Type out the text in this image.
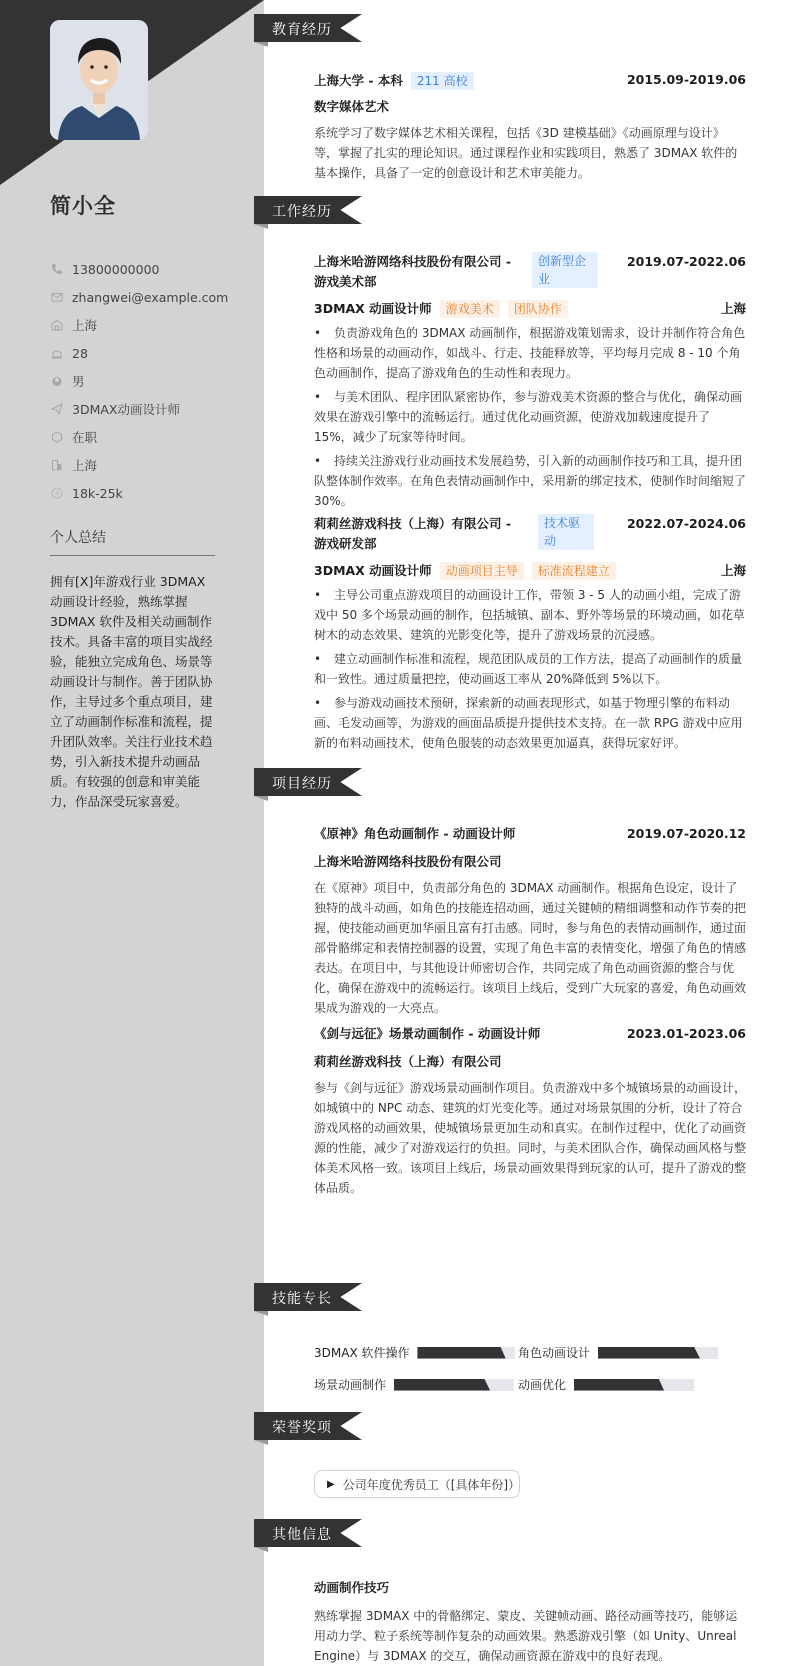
简小全
13800000000
zhangwei@example.com
上海
28
男
3DMAX动画设计师
在职
上海
18k-25k
个人总结
拥有[X]年游戏行业 3DMAX 动画设计经验，熟练掌握 3DMAX 软件及相关动画制作技术。具备丰富的项目实战经验，能独立完成角色、场景等动画设计与制作。善于团队协作，主导过多个重点项目，建立了动画制作标准和流程，提升团队效率。关注行业技术趋势，引入新技术提升动画品质。有较强的创意和审美能力，作品深受玩家喜爱。
教育经历
上海大学 - 本科 211 高校	2015.09-2019.06
数字媒体艺术
系统学习了数字媒体艺术相关课程，包括《3D 建模基础》《动画原理与设计》等，掌握了扎实的理论知识。通过课程作业和实践项目，熟悉了 3DMAX 软件的基本操作，具备了一定的创意设计和艺术审美能力。
工作经历
上海米哈游网络科技股份有限公司 - 游戏美术部
创新型企业
2019.07-2022.06
3DMAX 动画设计师 游戏美术 团队协作	上海
• 负责游戏角色的 3DMAX 动画制作，根据游戏策划需求，设计并制作符合角色性格和场景的动画动作，如战斗、行走、技能释放等，平均每月完成 8 - 10 个角色动画制作，提高了游戏角色的生动性和表现力。
• 与美术团队、程序团队紧密协作，参与游戏美术资源的整合与优化，确保动画效果在游戏引擎中的流畅运行。通过优化动画资源，使游戏加载速度提升了 15%，减少了玩家等待时间。
• 持续关注游戏行业动画技术发展趋势，引入新的动画制作技巧和工具，提升团队整体制作效率。在角色表情动画制作中，采用新的绑定技术，使制作时间缩短了 30%。
莉莉丝游戏科技（上海）有限公司 - 游戏研发部
技术驱动
2022.07-2024.06
3DMAX 动画设计师 动画项目主导 标准流程建立	上海
• 主导公司重点游戏项目的动画设计工作，带领 3 - 5 人的动画小组，完成了游戏中 50 多个场景动画的制作，包括城镇、副本、野外等场景的环境动画，如花草树木的动态效果、建筑的光影变化等，提升了游戏场景的沉浸感。
• 建立动画制作标准和流程，规范团队成员的工作方法，提高了动画制作的质量和一致性。通过质量把控，使动画返工率从 20%降低到 5%以下。
• 参与游戏动画技术预研，探索新的动画表现形式，如基于物理引擎的布料动画、毛发动画等，为游戏的画面品质提升提供技术支持。在一款 RPG 游戏中应用新的布料动画技术，使角色服装的动态效果更加逼真，获得玩家好评。
项目经历
《原神》角色动画制作 - 动画设计师	2019.07-2020.12
上海米哈游网络科技股份有限公司
在《原神》项目中，负责部分角色的 3DMAX 动画制作。根据角色设定，设计了独特的战斗动画，如角色的技能连招动画，通过关键帧的精细调整和动作节奏的把握，使技能动画更加华丽且富有打击感。同时，参与角色的表情动画制作，通过面部骨骼绑定和表情控制器的设置，实现了角色丰富的表情变化，增强了角色的情感表达。在项目中，与其他设计师密切合作，共同完成了角色动画资源的整合与优化，确保在游戏中的流畅运行。该项目上线后，受到广大玩家的喜爱，角色动画效果成为游戏的一大亮点。
《剑与远征》场景动画制作 - 动画设计师	2023.01-2023.06
莉莉丝游戏科技（上海）有限公司
参与《剑与远征》游戏场景动画制作项目。负责游戏中多个城镇场景的动画设计，如城镇中的 NPC 动态、建筑的灯光变化等。通过对场景氛围的分析，设计了符合游戏风格的动画效果，使城镇场景更加生动和真实。在制作过程中，优化了动画资源的性能，减少了对游戏运行的负担。同时，与美术团队合作，确保动画风格与整体美术风格一致。该项目上线后，场景动画效果得到玩家的认可，提升了游戏的整体品质。
技能专长
3DMAX 软件操作	角色动画设计
场景动画制作	动画优化
荣誉奖项
▶ 公司年度优秀员工（[具体年份]）
其他信息
动画制作技巧
熟练掌握 3DMAX 中的骨骼绑定、蒙皮、关键帧动画、路径动画等技巧，能够运用动力学、粒子系统等制作复杂的动画效果。熟悉游戏引擎（如 Unity、Unreal Engine）与 3DMAX 的交互，确保动画资源在游戏中的良好表现。
